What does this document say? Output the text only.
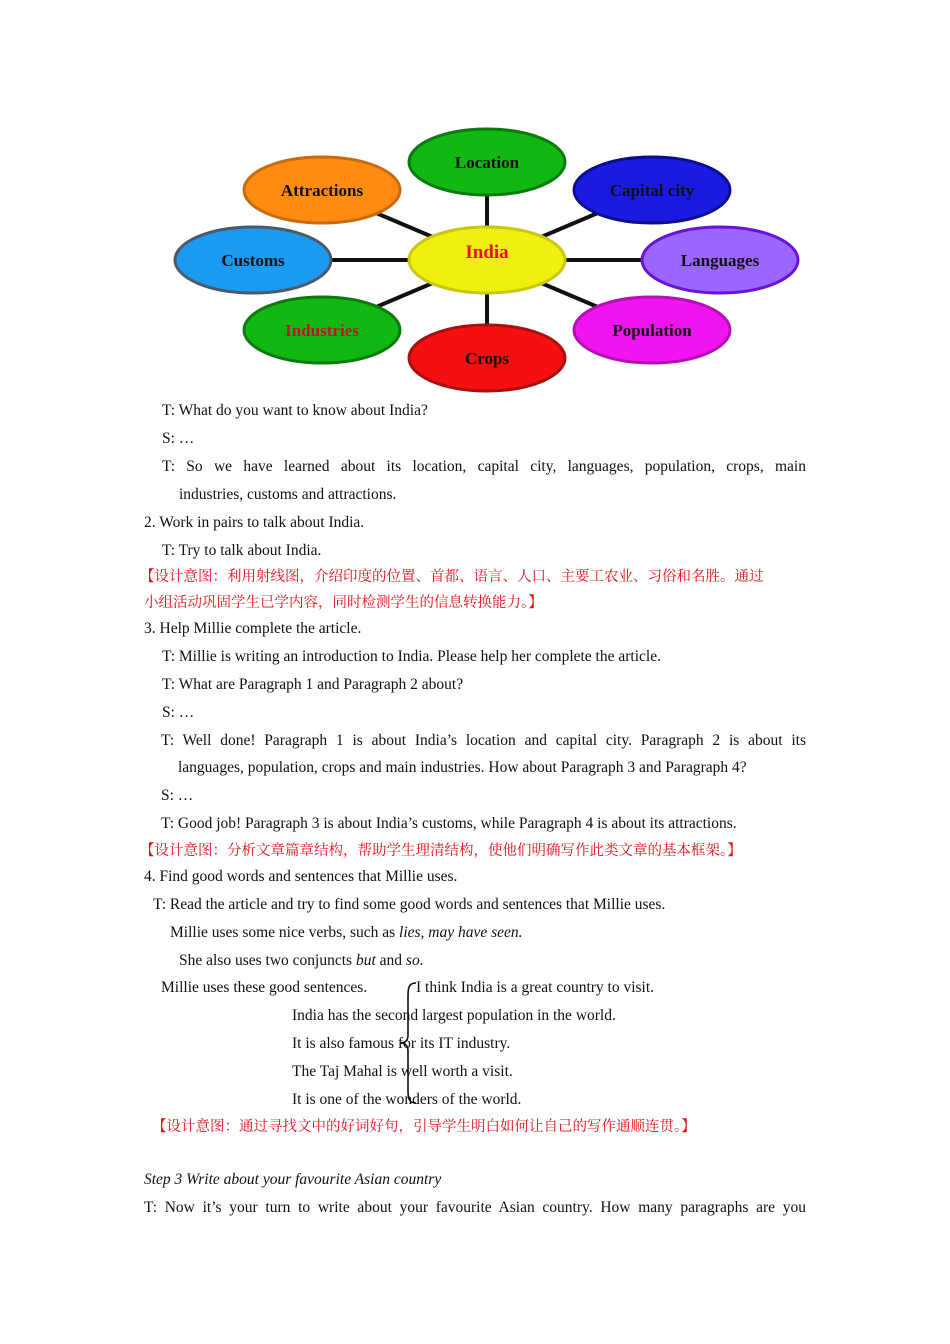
Location
Capital city
Languages
Population
Crops
Industries
Customs
Attractions
India
T: What do you want to know about India?
S: …
T: So we have learned about its location, capital city, languages, population, crops, main
industries, customs and attractions.
2. Work in pairs to talk about India.
T: Try to talk about India.
【设计意图：利用射线图，介绍印度的位置、首都、语言、人口、主要工农业、习俗和名胜。通过
小组活动巩固学生已学内容，同时检测学生的信息转换能力。】
3. Help Millie complete the article.
T: Millie is writing an introduction to India. Please help her complete the article.
T: What are Paragraph 1 and Paragraph 2 about?
S: …
T: Well done! Paragraph 1 is about India’s location and capital city. Paragraph 2 is about its
languages, population, crops and main industries. How about Paragraph 3 and Paragraph 4?
S: …
T: Good job! Paragraph 3 is about India’s customs, while Paragraph 4 is about its attractions.
【设计意图：分析文章篇章结构，帮助学生理清结构，使他们明确写作此类文章的基本框架。】
4. Find good words and sentences that Millie uses.
T: Read the article and try to find some good words and sentences that Millie uses.
Millie uses some nice verbs, such as lies, may have seen.
She also uses two conjuncts but and so.
Millie uses these good sentences.	I think India is a great country to visit.
India has the second largest population in the world.
It is also famous for its IT industry.
The Taj Mahal is well worth a visit.
It is one of the wonders of the world.
【设计意图：通过寻找文中的好词好句，引导学生明白如何让自己的写作通顺连贯。】
Step 3 Write about your favourite Asian country
T: Now it’s your turn to write about your favourite Asian country. How many paragraphs are you
